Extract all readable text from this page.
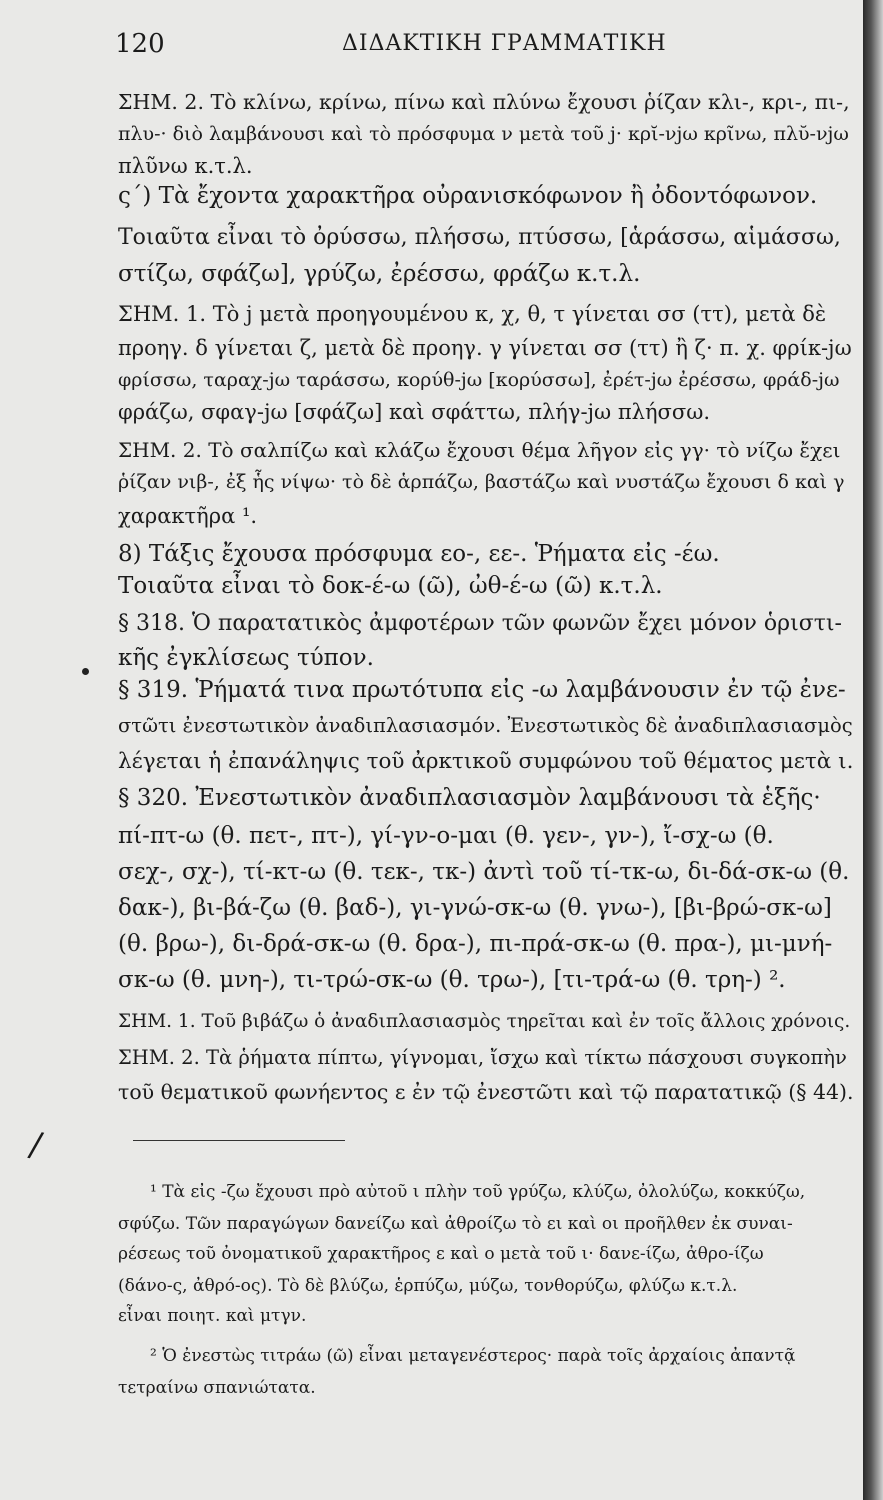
120	ΔΙΔΑΚΤΙΚΗ ΓΡΑΜΜΑΤΙΚΗ
ΣΗΜ. 2. Τὸ κλίνω, κρίνω, πίνω καὶ πλύνω ἔχουσι ῥίζαν κλι-, κρι-, πι-,
πλυ-· διὸ λαμβάνουσι καὶ τὸ πρόσφυμα ν μετὰ τοῦ j· κρῐ-νjω κρῖνω, πλῠ-νjω
πλῦνω κ.τ.λ.
ς´) Τὰ ἔχοντα χαρακτῆρα οὐρανισκόφωνον ἢ ὀδοντόφωνον.
Τοιαῦτα εἶναι τὸ ὀρύσσω, πλήσσω, πτύσσω, [ἁράσσω, αἱμάσσω,
στίζω, σφάζω], γρύζω, ἐρέσσω, φράζω κ.τ.λ.
ΣΗΜ. 1. Τὸ j μετὰ προηγουμένου κ, χ, θ, τ γίνεται σσ (ττ), μετὰ δὲ
προηγ. δ γίνεται ζ, μετὰ δὲ προηγ. γ γίνεται σσ (ττ) ἢ ζ· π. χ. φρίκ-jω
φρίσσω, ταραχ-jω ταράσσω, κορύθ-jω [κορύσσω], ἐρέτ-jω ἐρέσσω, φράδ-jω
φράζω, σφαγ-jω [σφάζω] καὶ σφάττω, πλήγ-jω πλήσσω.
ΣΗΜ. 2. Τὸ σαλπίζω καὶ κλάζω ἔχουσι θέμα λῆγον εἰς γγ· τὸ νίζω ἔχει
ῥίζαν νιβ-, ἐξ ἧς νίψω· τὸ δὲ ἁρπάζω, βαστάζω καὶ νυστάζω ἔχουσι δ καὶ γ
χαρακτῆρα ¹.
8) Τάξις ἔχουσα πρόσφυμα εο-, εε-. Ῥήματα εἰς -έω.
Τοιαῦτα εἶναι τὸ δοκ-έ-ω (ῶ), ὠθ-έ-ω (ῶ) κ.τ.λ.
§ 318. Ὁ παρατατικὸς ἀμφοτέρων τῶν φωνῶν ἔχει μόνον ὁριστι-
κῆς ἐγκλίσεως τύπον.
§ 319. Ῥήματά τινα πρωτότυπα εἰς -ω λαμβάνουσιν ἐν τῷ ἐνε-
στῶτι ἐνεστωτικὸν ἀναδιπλασιασμόν. Ἐνεστωτικὸς δὲ ἀναδιπλασιασμὸς
λέγεται ἡ ἐπανάληψις τοῦ ἀρκτικοῦ συμφώνου τοῦ θέματος μετὰ ι.
§ 320. Ἐνεστωτικὸν ἀναδιπλασιασμὸν λαμβάνουσι τὰ ἑξῆς·
πί-πτ-ω (θ. πετ-, πτ-), γί-γν-ο-μαι (θ. γεν-, γν-), ἴ-σχ-ω (θ.
σεχ-, σχ-), τί-κτ-ω (θ. τεκ-, τκ-) ἀντὶ τοῦ τί-τκ-ω, δι-δά-σκ-ω (θ.
δακ-), βι-βά-ζω (θ. βαδ-), γι-γνώ-σκ-ω (θ. γνω-), [βι-βρώ-σκ-ω]
(θ. βρω-), δι-δρά-σκ-ω (θ. δρα-), πι-πρά-σκ-ω (θ. πρα-), μι-μνή-
σκ-ω (θ. μνη-), τι-τρώ-σκ-ω (θ. τρω-), [τι-τρά-ω (θ. τρη-) ².
ΣΗΜ. 1. Τοῦ βιβάζω ὁ ἀναδιπλασιασμὸς τηρεῖται καὶ ἐν τοῖς ἄλλοις χρόνοις.
ΣΗΜ. 2. Τὰ ῥήματα πίπτω, γίγνομαι, ἴσχω καὶ τίκτω πάσχουσι συγκοπὴν
τοῦ θεματικοῦ φωνήεντος ε ἐν τῷ ἐνεστῶτι καὶ τῷ παρατατικῷ (§ 44).
/
¹ Τὰ εἰς -ζω ἔχουσι πρὸ αὐτοῦ ι πλὴν τοῦ γρύζω, κλύζω, ὀλολύζω, κοκκύζω,
σφύζω. Τῶν παραγώγων δανείζω καὶ ἀθροίζω τὸ ει καὶ οι προῆλθεν ἐκ συναι-
ρέσεως τοῦ ὀνοματικοῦ χαρακτῆρος ε καὶ ο μετὰ τοῦ ι· δανε-ίζω, ἀθρο-ίζω
(δάνο-ς, ἀθρό-ος). Τὸ δὲ βλύζω, ἑρπύζω, μύζω, τονθορύζω, φλύζω κ.τ.λ.
εἶναι ποιητ. καὶ μτγν.
² Ὁ ἐνεστὼς τιτράω (ῶ) εἶναι μεταγενέστερος· παρὰ τοῖς ἀρχαίοις ἀπαντᾷ
τετραίνω σπανιώτατα.
